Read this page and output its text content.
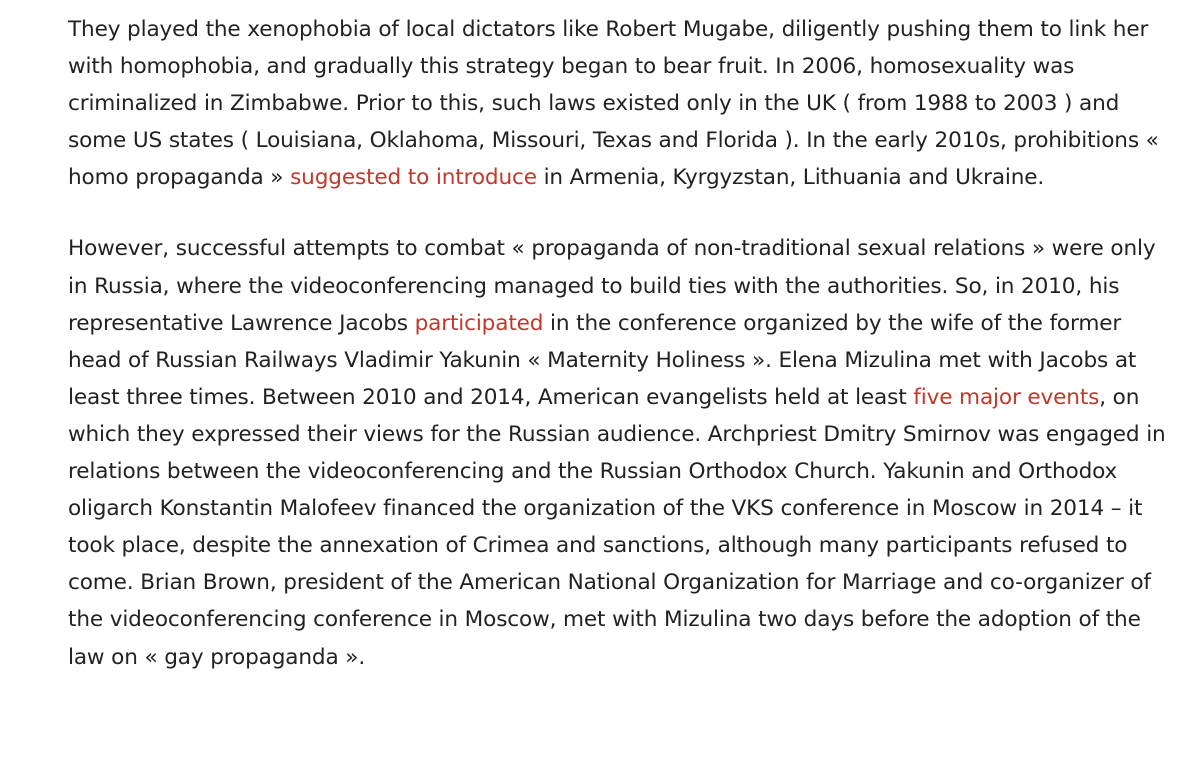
They played the xenophobia of local dictators like Robert Mugabe, diligently pushing them to link her with homophobia, and gradually this strategy began to bear fruit. In 2006, homosexuality was criminalized in Zimbabwe. Prior to this, such laws existed only in the UK ( from 1988 to 2003 ) and some US states ( Louisiana, Oklahoma, Missouri, Texas and Florida ). In the early 2010s, prohibitions « homo propaganda » suggested to introduce in Armenia, Kyrgyzstan, Lithuania and Ukraine.

However, successful attempts to combat « propaganda of non-traditional sexual relations » were only in Russia, where the videoconferencing managed to build ties with the authorities. So, in 2010, his representative Lawrence Jacobs participated in the conference organized by the wife of the former head of Russian Railways Vladimir Yakunin « Maternity Holiness ». Elena Mizulina met with Jacobs at least three times. Between 2010 and 2014, American evangelists held at least five major events, on which they expressed their views for the Russian audience. Archpriest Dmitry Smirnov was engaged in relations between the videoconferencing and the Russian Orthodox Church. Yakunin and Orthodox oligarch Konstantin Malofeev financed the organization of the VKS conference in Moscow in 2014 – it took place, despite the annexation of Crimea and sanctions, although many participants refused to come. Brian Brown, president of the American National Organization for Marriage and co-organizer of the videoconferencing conference in Moscow, met with Mizulina two days before the adoption of the law on « gay propaganda ».
